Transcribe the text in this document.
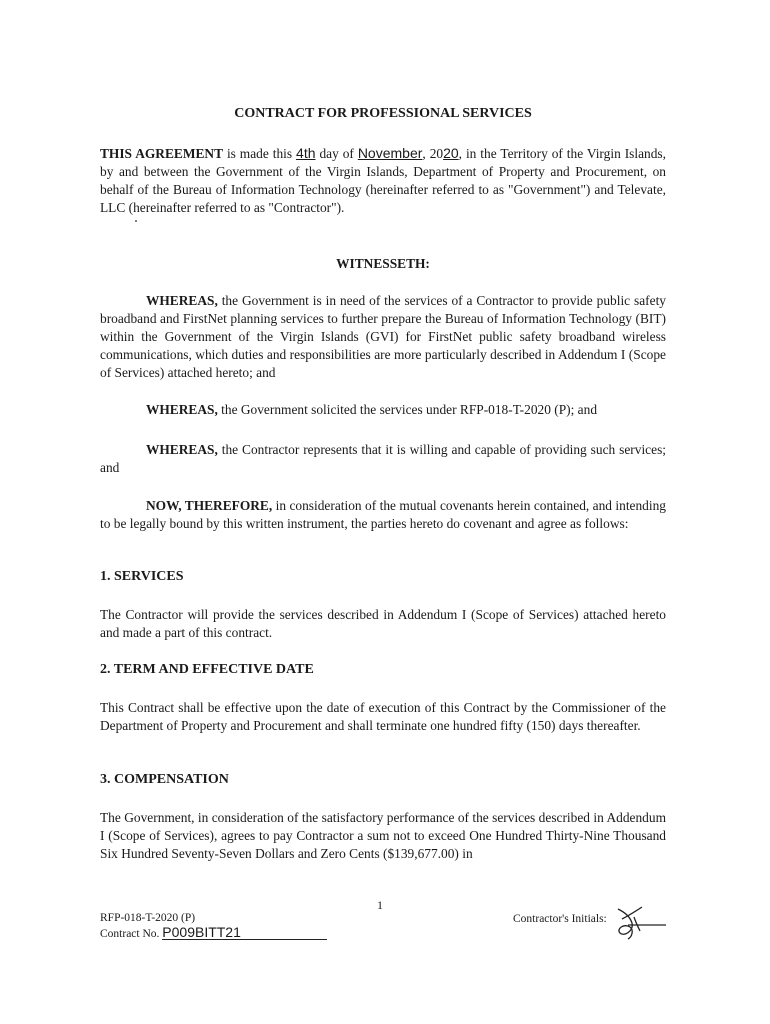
CONTRACT FOR PROFESSIONAL SERVICES
THIS AGREEMENT is made this 4th day of November, 2020, in the Territory of the Virgin Islands, by and between the Government of the Virgin Islands, Department of Property and Procurement, on behalf of the Bureau of Information Technology (hereinafter referred to as "Government") and Televate, LLC (hereinafter referred to as "Contractor").
WITNESSETH:
WHEREAS, the Government is in need of the services of a Contractor to provide public safety broadband and FirstNet planning services to further prepare the Bureau of Information Technology (BIT) within the Government of the Virgin Islands (GVI) for FirstNet public safety broadband wireless communications, which duties and responsibilities are more particularly described in Addendum I (Scope of Services) attached hereto; and
WHEREAS, the Government solicited the services under RFP-018-T-2020 (P); and
WHEREAS, the Contractor represents that it is willing and capable of providing such services; and
NOW, THEREFORE, in consideration of the mutual covenants herein contained, and intending to be legally bound by this written instrument, the parties hereto do covenant and agree as follows:
1. SERVICES
The Contractor will provide the services described in Addendum I (Scope of Services) attached hereto and made a part of this contract.
2. TERM AND EFFECTIVE DATE
This Contract shall be effective upon the date of execution of this Contract by the Commissioner of the Department of Property and Procurement and shall terminate one hundred fifty (150) days thereafter.
3. COMPENSATION
The Government, in consideration of the satisfactory performance of the services described in Addendum I (Scope of Services), agrees to pay Contractor a sum not to exceed One Hundred Thirty-Nine Thousand Six Hundred Seventy-Seven Dollars and Zero Cents ($139,677.00) in
1
RFP-018-T-2020 (P)
Contract No. P009BITT21
Contractor's Initials:
